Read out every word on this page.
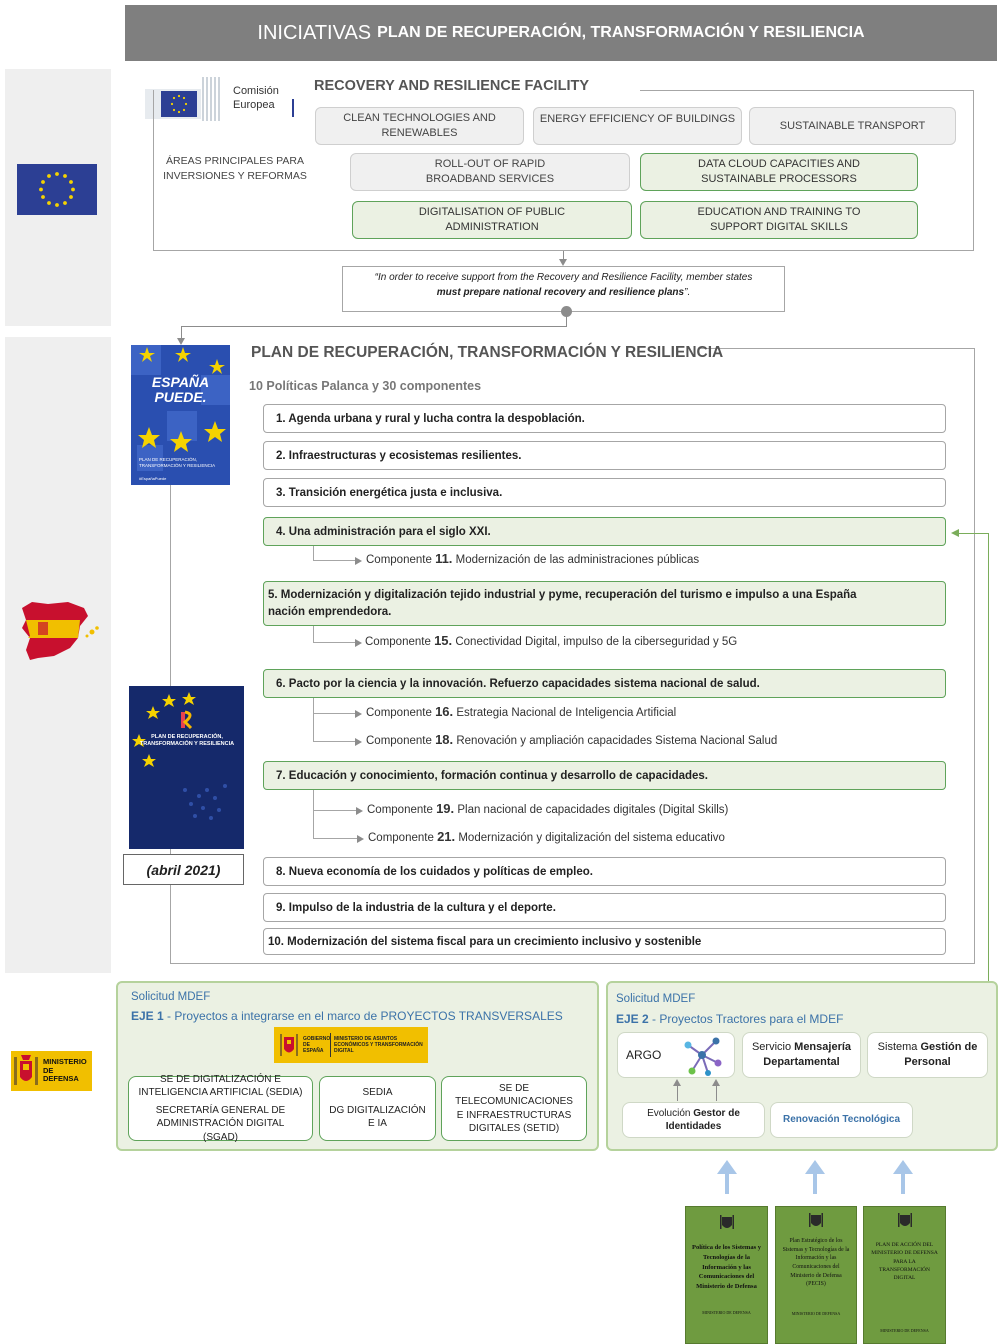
INICIATIVAS PLAN DE RECUPERACIÓN, TRANSFORMACIÓN Y RESILIENCIA
MINISTERIO DE DEFENSA
Comisión
Europea
RECOVERY AND RESILIENCE FACILITY
ÁREAS PRINCIPALES PARA INVERSIONES Y REFORMAS
CLEAN TECHNOLOGIES AND RENEWABLES
ENERGY EFFICIENCY OF BUILDINGS
SUSTAINABLE TRANSPORT
ROLL-OUT OF RAPID BROADBAND SERVICES
DATA CLOUD CAPACITIES AND SUSTAINABLE PROCESSORS
DIGITALISATION OF PUBLIC ADMINISTRATION
EDUCATION AND TRAINING TO SUPPORT DIGITAL SKILLS
“In order to receive support from the Recovery and Resilience Facility, member states
must prepare national recovery and resilience plans”.
ESPAÑA
PUEDE.
PLAN DE RECUPERACIÓN, TRANSFORMACIÓN Y RESILIENCIA
#EspañaPuede
PLAN DE RECUPERACIÓN, TRANSFORMACIÓN Y RESILIENCIA
(abril 2021)
PLAN DE RECUPERACIÓN, TRANSFORMACIÓN Y RESILIENCIA
10 Políticas Palanca y 30 componentes
1. Agenda urbana y rural y lucha contra la despoblación.
2. Infraestructuras y ecosistemas resilientes.
3. Transición energética justa e inclusiva.
4. Una administración para el siglo XXI.
5. Modernización y digitalización tejido industrial y pyme, recuperación del turismo e impulso a una España nación emprendedora.
6. Pacto por la ciencia y la innovación. Refuerzo capacidades sistema nacional de salud.
7. Educación y conocimiento, formación continua y desarrollo de capacidades.
8. Nueva economía de los cuidados y políticas de empleo.
9. Impulso de la industria de la cultura y el deporte.
10. Modernización del sistema fiscal para un crecimiento inclusivo y sostenible
Componente 11. Modernización de las administraciones públicas
Componente 15. Conectividad Digital, impulso de la ciberseguridad y 5G
Componente 16. Estrategia Nacional de Inteligencia Artificial
Componente 18. Renovación y ampliación capacidades Sistema Nacional Salud
Componente 19. Plan nacional de capacidades digitales (Digital Skills)
Componente 21. Modernización y digitalización del sistema educativo
Solicitud MDEF
EJE 1 - Proyectos a integrarse en el marco de PROYECTOS TRANSVERSALES
GOBIERNO DE ESPAÑA
MINISTERIO DE ASUNTOS ECONÓMICOS Y TRANSFORMACIÓN DIGITAL
SE DE DIGITALIZACIÓN E INTELIGENCIA ARTIFICIAL (SEDIA)
SECRETARÍA GENERAL DE ADMINISTRACIÓN DIGITAL (SGAD)
SEDIA
DG DIGITALIZACIÓN E IA
SE DE TELECOMUNICACIONES E INFRAESTRUCTURAS DIGITALES (SETID)
Solicitud MDEF
EJE 2 - Proyectos Tractores para el MDEF
ARGO
Servicio Mensajería Departamental
Sistema Gestión de Personal
Evolución Gestor de Identidades
Renovación Tecnológica
Política de los Sistemas y Tecnologías de la Información y las Comunicaciones del Ministerio de Defensa
MINISTERIO DE DEFENSA
Plan Estratégico de los Sistemas y Tecnologías de la Información y las Comunicaciones del Ministerio de Defensa (PECIS)
MINISTERIO DE DEFENSA
PLAN DE ACCIÓN DEL MINISTERIO DE DEFENSA PARA LA TRANSFORMACIÓN DIGITAL
MINISTERIO DE DEFENSA
